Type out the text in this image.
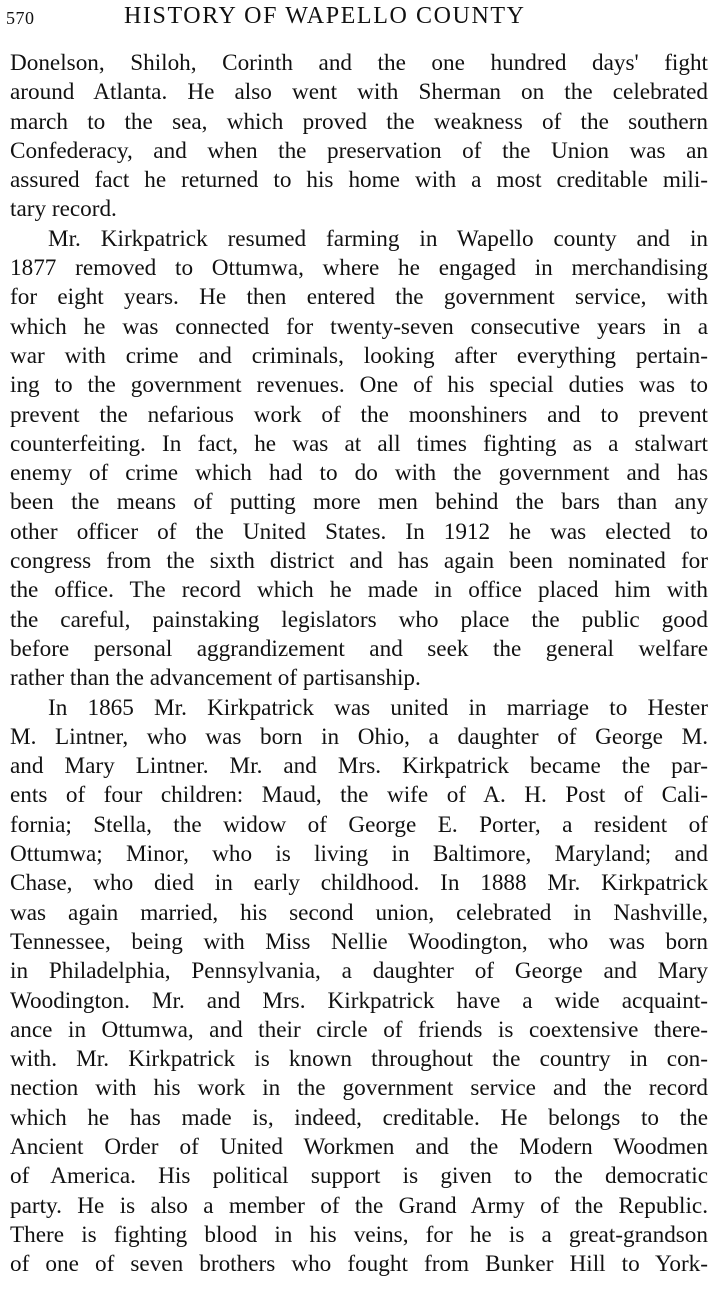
570	HISTORY OF WAPELLO COUNTY
Donelson, Shiloh, Corinth and the one hundred days' fight
around Atlanta. He also went with Sherman on the celebrated
march to the sea, which proved the weakness of the southern
Confederacy, and when the preservation of the Union was an
assured fact he returned to his home with a most creditable mili-
tary record.
Mr. Kirkpatrick resumed farming in Wapello county and in
1877 removed to Ottumwa, where he engaged in merchandising
for eight years. He then entered the government service, with
which he was connected for twenty-seven consecutive years in a
war with crime and criminals, looking after everything pertain-
ing to the government revenues. One of his special duties was to
prevent the nefarious work of the moonshiners and to prevent
counterfeiting. In fact, he was at all times fighting as a stalwart
enemy of crime which had to do with the government and has
been the means of putting more men behind the bars than any
other officer of the United States. In 1912 he was elected to
congress from the sixth district and has again been nominated for
the office. The record which he made in office placed him with
the careful, painstaking legislators who place the public good
before personal aggrandizement and seek the general welfare
rather than the advancement of partisanship.
In 1865 Mr. Kirkpatrick was united in marriage to Hester
M. Lintner, who was born in Ohio, a daughter of George M.
and Mary Lintner. Mr. and Mrs. Kirkpatrick became the par-
ents of four children: Maud, the wife of A. H. Post of Cali-
fornia; Stella, the widow of George E. Porter, a resident of
Ottumwa; Minor, who is living in Baltimore, Maryland; and
Chase, who died in early childhood. In 1888 Mr. Kirkpatrick
was again married, his second union, celebrated in Nashville,
Tennessee, being with Miss Nellie Woodington, who was born
in Philadelphia, Pennsylvania, a daughter of George and Mary
Woodington. Mr. and Mrs. Kirkpatrick have a wide acquaint-
ance in Ottumwa, and their circle of friends is coextensive there-
with. Mr. Kirkpatrick is known throughout the country in con-
nection with his work in the government service and the record
which he has made is, indeed, creditable. He belongs to the
Ancient Order of United Workmen and the Modern Woodmen
of America. His political support is given to the democratic
party. He is also a member of the Grand Army of the Republic.
There is fighting blood in his veins, for he is a great-grandson
of one of seven brothers who fought from Bunker Hill to York-
